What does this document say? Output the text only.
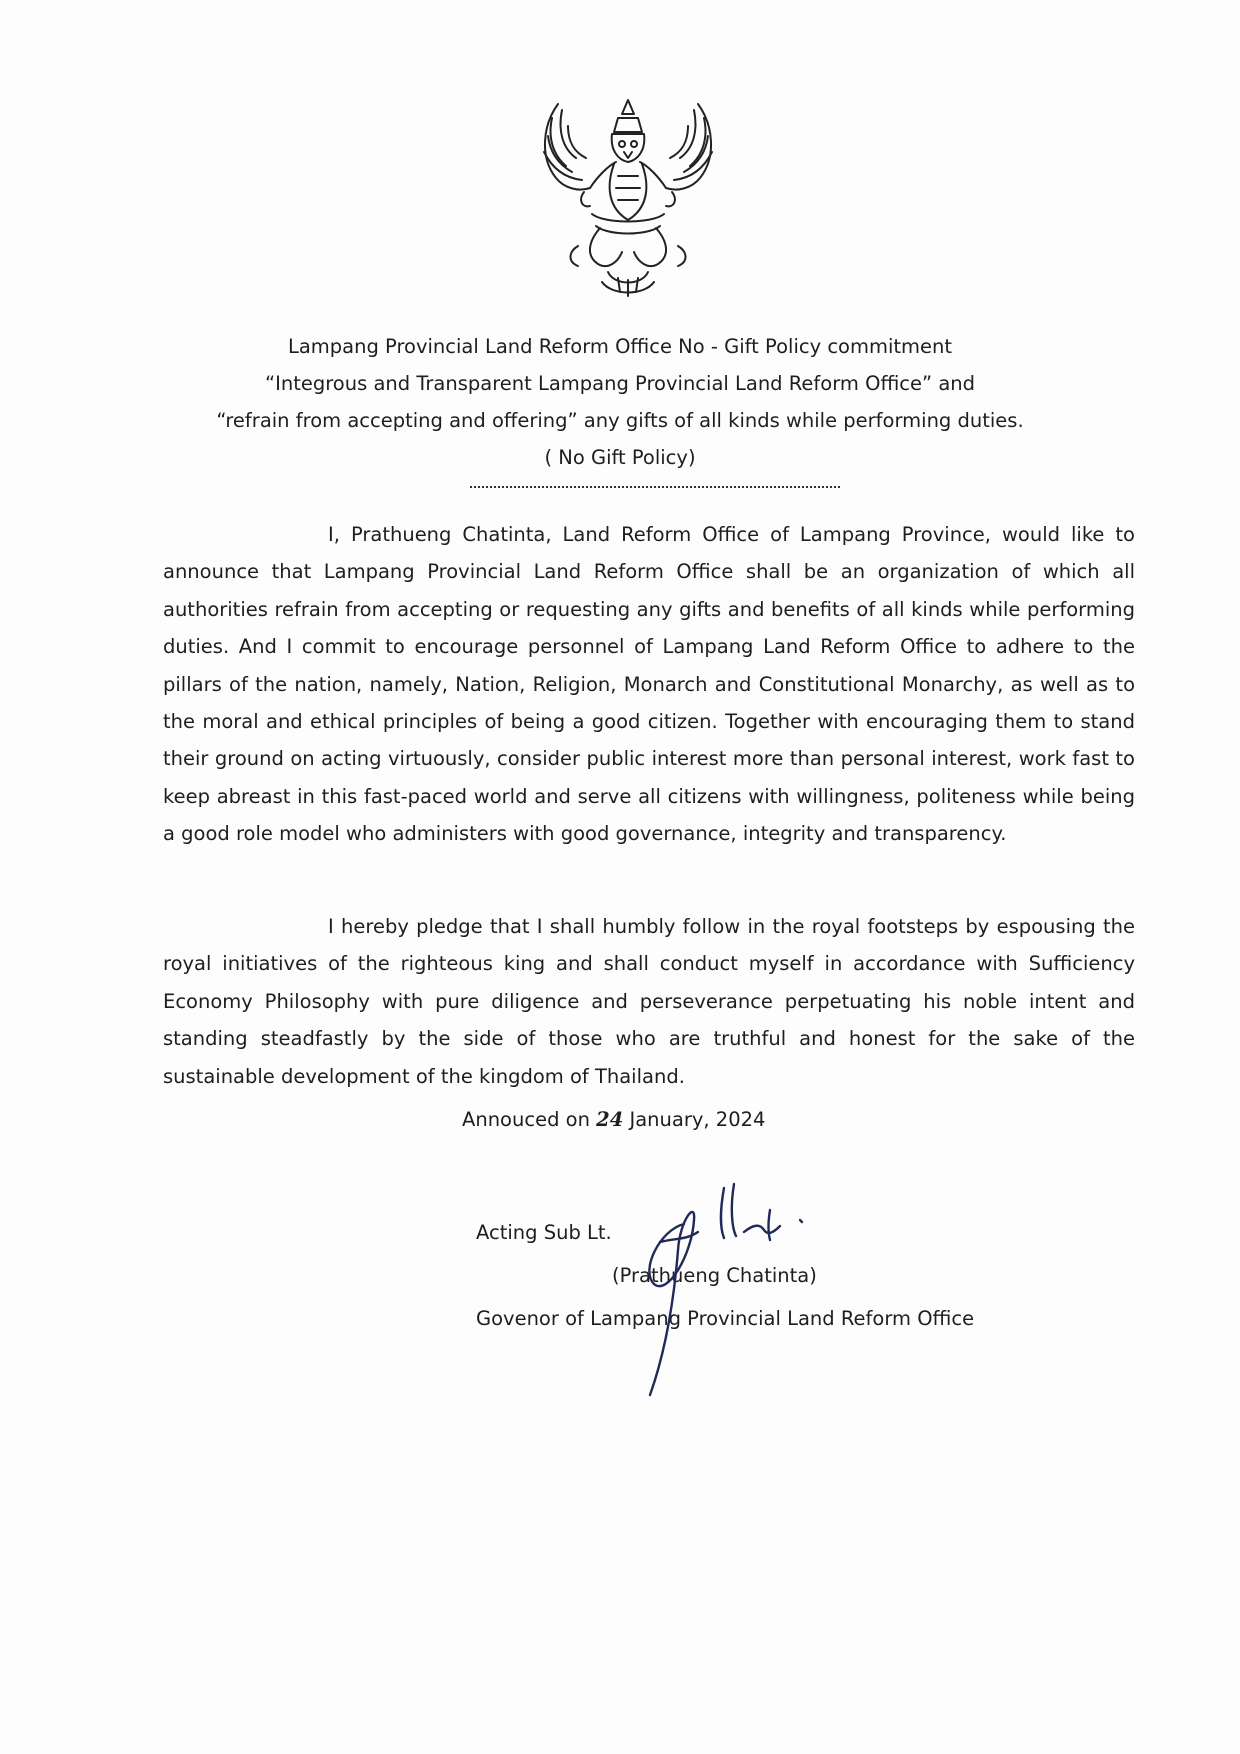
Lampang Provincial Land Reform Office No - Gift Policy commitment
“Integrous and Transparent Lampang Provincial Land Reform Office” and
“refrain from accepting and offering” any gifts of all kinds while performing duties.
( No Gift Policy)

I, Prathueng Chatinta, Land Reform Office of Lampang Province, would like to announce that Lampang Provincial Land Reform Office shall be an organization of which all authorities refrain from accepting or requesting any gifts and benefits of all kinds while performing duties. And I commit to encourage personnel of Lampang Land Reform Office to adhere to the pillars of the nation, namely, Nation, Religion, Monarch and Constitutional Monarchy, as well as to the moral and ethical principles of being a good citizen. Together with encouraging them to stand their ground on acting virtuously, consider public interest more than personal interest, work fast to keep abreast in this fast-paced world and serve all citizens with willingness, politeness while being a good role model who administers with good governance, integrity and transparency.

I hereby pledge that I shall humbly follow in the royal footsteps by espousing the royal initiatives of the righteous king and shall conduct myself in accordance with Sufficiency Economy Philosophy with pure diligence and perseverance perpetuating his noble intent and standing steadfastly by the side of those who are truthful and honest for the sake of the sustainable development of the kingdom of Thailand.

Annouced on 24 January, 2024
Acting Sub Lt.
(Prathueng Chatinta)
Govenor of Lampang Provincial Land Reform Office
